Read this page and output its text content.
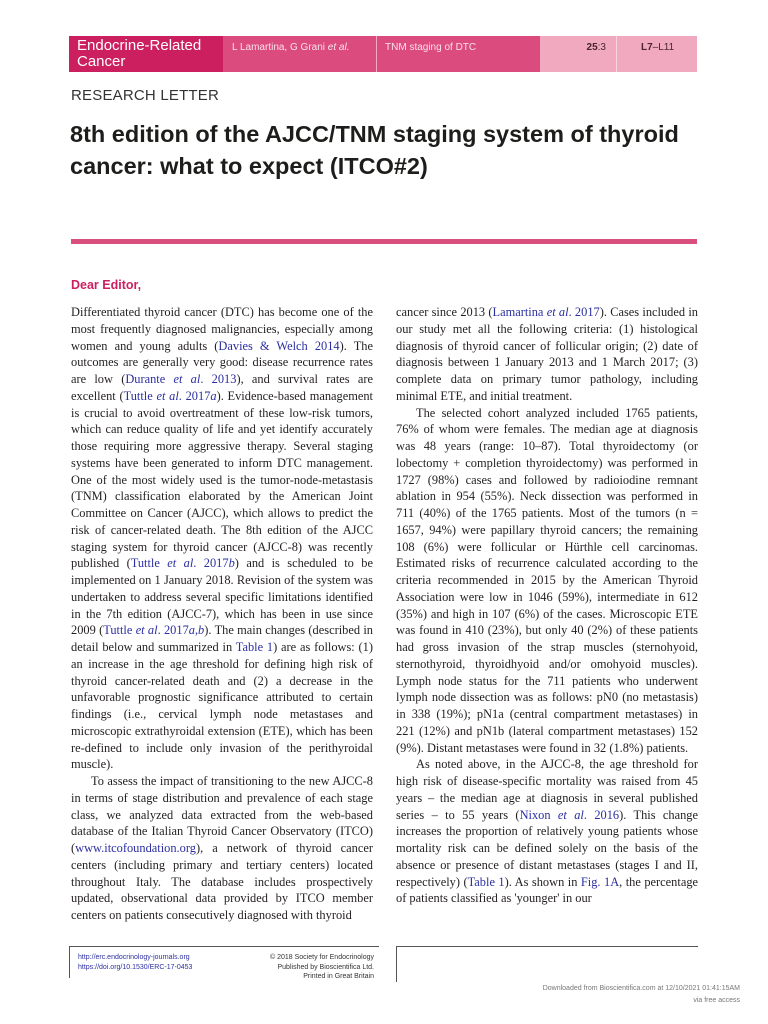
Endocrine-Related
Cancer
L Lamartina, G Grani et al.	TNM staging of DTC	25:3	L7–L11
RESEARCH LETTER
8th edition of the AJCC/TNM staging system of thyroid cancer: what to expect (ITCO#2)
Dear Editor,

Differentiated thyroid cancer (DTC) has become one of the most frequently diagnosed malignancies, especially among women and young adults (Davies & Welch 2014). The outcomes are generally very good: disease recurrence rates are low (Durante et al. 2013), and survival rates are excellent (Tuttle et al. 2017a). Evidence-based management is crucial to avoid overtreatment of these low-risk tumors, which can reduce quality of life and yet identify accurately those requiring more aggressive therapy. Several staging systems have been generated to inform DTC management. One of the most widely used is the tumor-node-metastasis (TNM) classification elaborated by the American Joint Committee on Cancer (AJCC), which allows to predict the risk of cancer-related death. The 8th edition of the AJCC staging system for thyroid cancer (AJCC-8) was recently published (Tuttle et al. 2017b) and is scheduled to be implemented on 1 January 2018. Revision of the system was undertaken to address several specific limitations identified in the 7th edition (AJCC-7), which has been in use since 2009 (Tuttle et al. 2017a,b). The main changes (described in detail below and summarized in Table 1) are as follows: (1) an increase in the age threshold for defining high risk of thyroid cancer-related death and (2) a decrease in the unfavorable prognostic significance attributed to certain findings (i.e., cervical lymph node metastases and microscopic extrathyroidal extension (ETE), which has been re-defined to include only invasion of the perithyroidal muscle).

To assess the impact of transitioning to the new AJCC-8 in terms of stage distribution and prevalence of each stage class, we analyzed data extracted from the web-based database of the Italian Thyroid Cancer Observatory (ITCO) (www.itcofoundation.org), a network of thyroid cancer centers (including primary and tertiary centers) located throughout Italy. The database includes prospectively updated, observational data provided by ITCO member centers on patients consecutively diagnosed with thyroid

cancer since 2013 (Lamartina et al. 2017). Cases included in our study met all the following criteria: (1) histological diagnosis of thyroid cancer of follicular origin; (2) date of diagnosis between 1 January 2013 and 1 March 2017; (3) complete data on primary tumor pathology, including minimal ETE, and initial treatment.

The selected cohort analyzed included 1765 patients, 76% of whom were females. The median age at diagnosis was 48 years (range: 10–87). Total thyroidectomy (or lobectomy + completion thyroidectomy) was performed in 1727 (98%) cases and followed by radioiodine remnant ablation in 954 (55%). Neck dissection was performed in 711 (40%) of the 1765 patients. Most of the tumors (n = 1657, 94%) were papillary thyroid cancers; the remaining 108 (6%) were follicular or Hürthle cell carcinomas. Estimated risks of recurrence calculated according to the criteria recommended in 2015 by the American Thyroid Association were low in 1046 (59%), intermediate in 612 (35%) and high in 107 (6%) of the cases. Microscopic ETE was found in 410 (23%), but only 40 (2%) of these patients had gross invasion of the strap muscles (sternohyoid, sternothyroid, thyroidhyoid and/or omohyoid muscles). Lymph node status for the 711 patients who underwent lymph node dissection was as follows: pN0 (no metastasis) in 338 (19%); pN1a (central compartment metastases) in 221 (12%) and pN1b (lateral compartment metastases) 152 (9%). Distant metastases were found in 32 (1.8%) patients.

As noted above, in the AJCC-8, the age threshold for high risk of disease-specific mortality was raised from 45 years – the median age at diagnosis in several published series – to 55 years (Nixon et al. 2016). This change increases the proportion of relatively young patients whose mortality risk can be defined solely on the basis of the absence or presence of distant metastases (stages I and II, respectively) (Table 1). As shown in Fig. 1A, the percentage of patients classified as 'younger' in our

http://erc.endocrinology-journals.org
https://doi.org/10.1530/ERC-17-0453
© 2018 Society for Endocrinology
Published by Bioscientifica Ltd.
Printed in Great Britain
Downloaded from Bioscientifica.com at 12/10/2021 01:41:15AM
via free access
